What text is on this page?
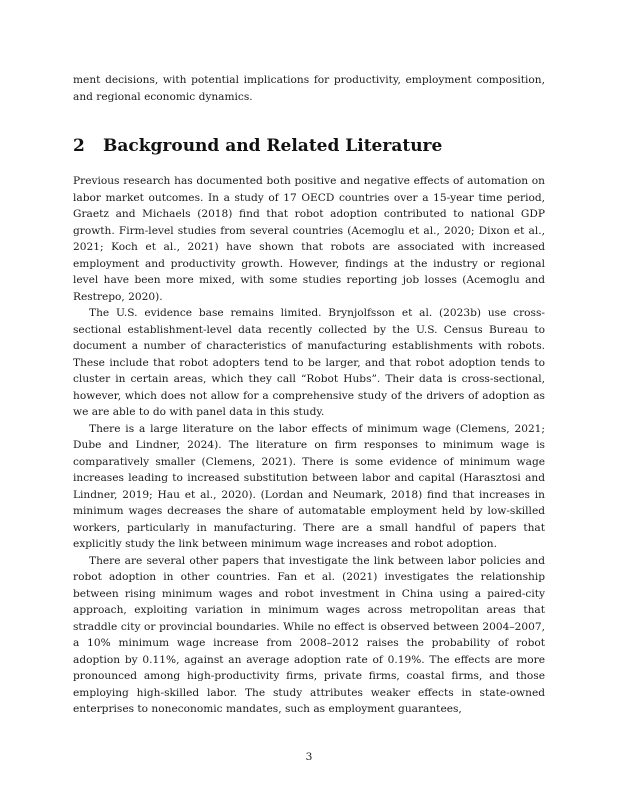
ment decisions, with potential implications for productivity, employment composition, and regional economic dynamics.

2 Background and Related Literature

Previous research has documented both positive and negative effects of automation on labor market outcomes. In a study of 17 OECD countries over a 15-year time period, Graetz and Michaels (2018) find that robot adoption contributed to national GDP growth. Firm-level studies from several countries (Acemoglu et al., 2020; Dixon et al., 2021; Koch et al., 2021) have shown that robots are associated with increased employment and productivity growth. However, findings at the industry or regional level have been more mixed, with some studies reporting job losses (Acemoglu and Restrepo, 2020).

The U.S. evidence base remains limited. Brynjolfsson et al. (2023b) use cross-sectional establishment-level data recently collected by the U.S. Census Bureau to document a number of characteristics of manufacturing establishments with robots. These include that robot adopters tend to be larger, and that robot adoption tends to cluster in certain areas, which they call “Robot Hubs”. Their data is cross-sectional, however, which does not allow for a comprehensive study of the drivers of adoption as we are able to do with panel data in this study.

There is a large literature on the labor effects of minimum wage (Clemens, 2021; Dube and Lindner, 2024). The literature on firm responses to minimum wage is comparatively smaller (Clemens, 2021). There is some evidence of minimum wage increases leading to increased substitution between labor and capital (Harasztosi and Lindner, 2019; Hau et al., 2020). (Lordan and Neumark, 2018) find that increases in minimum wages decreases the share of automatable employment held by low-skilled workers, particularly in manufacturing. There are a small handful of papers that explicitly study the link between minimum wage increases and robot adoption.

There are several other papers that investigate the link between labor policies and robot adoption in other countries. Fan et al. (2021) investigates the relationship between rising minimum wages and robot investment in China using a paired-city approach, exploiting variation in minimum wages across metropolitan areas that straddle city or provincial boundaries. While no effect is observed between 2004–2007, a 10% minimum wage increase from 2008–2012 raises the probability of robot adoption by 0.11%, against an average adoption rate of 0.19%. The effects are more pronounced among high-productivity firms, private firms, coastal firms, and those employing high-skilled labor. The study attributes weaker effects in state-owned enterprises to noneconomic mandates, such as employment guarantees,

3
